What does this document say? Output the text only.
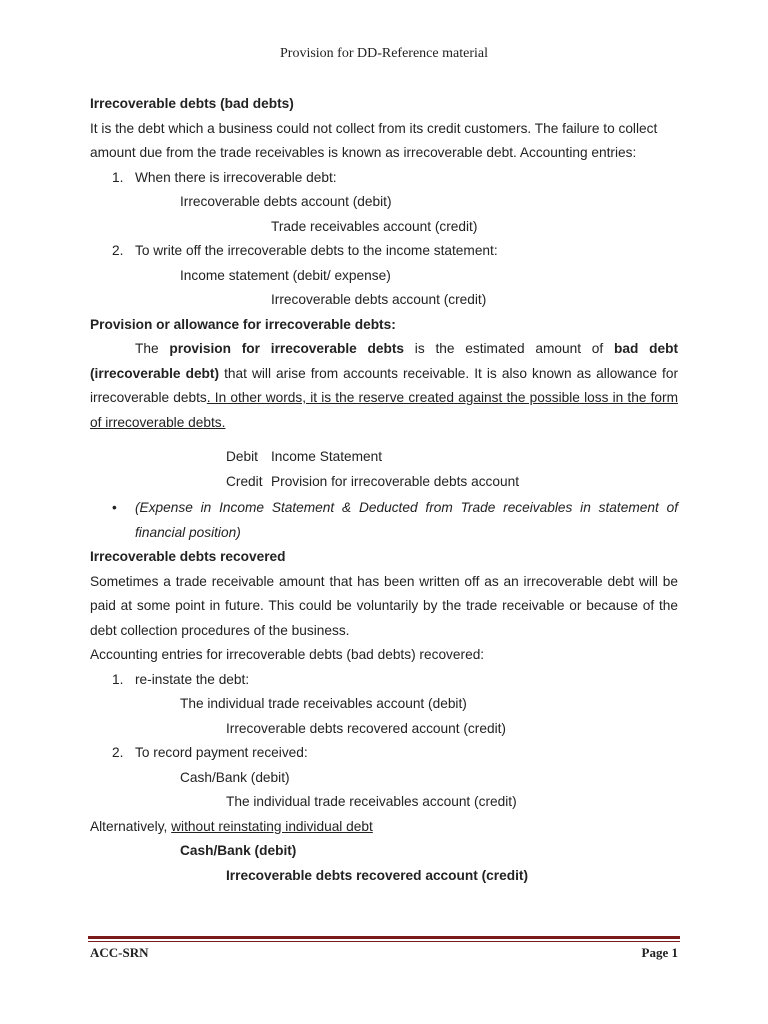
Provision for DD-Reference material
Irrecoverable debts (bad debts)
It is the debt which a business could not collect from its credit customers. The failure to collect
amount due from the trade receivables is known as irrecoverable debt. Accounting entries:
1. When there is irrecoverable debt:
Irrecoverable debts account (debit)
Trade receivables account (credit)
2. To write off the irrecoverable debts to the income statement:
Income statement (debit/ expense)
Irrecoverable debts account (credit)
Provision or allowance for irrecoverable debts:
The provision for irrecoverable debts is the estimated amount of bad debt (irrecoverable debt) that will arise from accounts receivable. It is also known as allowance for irrecoverable debts. In other words, it is the reserve created against the possible loss in the form of irrecoverable debts.
Debit Income Statement
Credit Provision for irrecoverable debts account
•	(Expense in Income Statement & Deducted from Trade receivables in statement of financial position)
Irrecoverable debts recovered
Sometimes a trade receivable amount that has been written off as an irrecoverable debt will be paid at some point in future. This could be voluntarily by the trade receivable or because of the debt collection procedures of the business.
Accounting entries for irrecoverable debts (bad debts) recovered:
1. re-instate the debt:
The individual trade receivables account (debit)
Irrecoverable debts recovered account (credit)
2. To record payment received:
Cash/Bank (debit)
The individual trade receivables account (credit)
Alternatively, without reinstating individual debt
Cash/Bank (debit)
Irrecoverable debts recovered account (credit)
ACC-SRN	Page 1
